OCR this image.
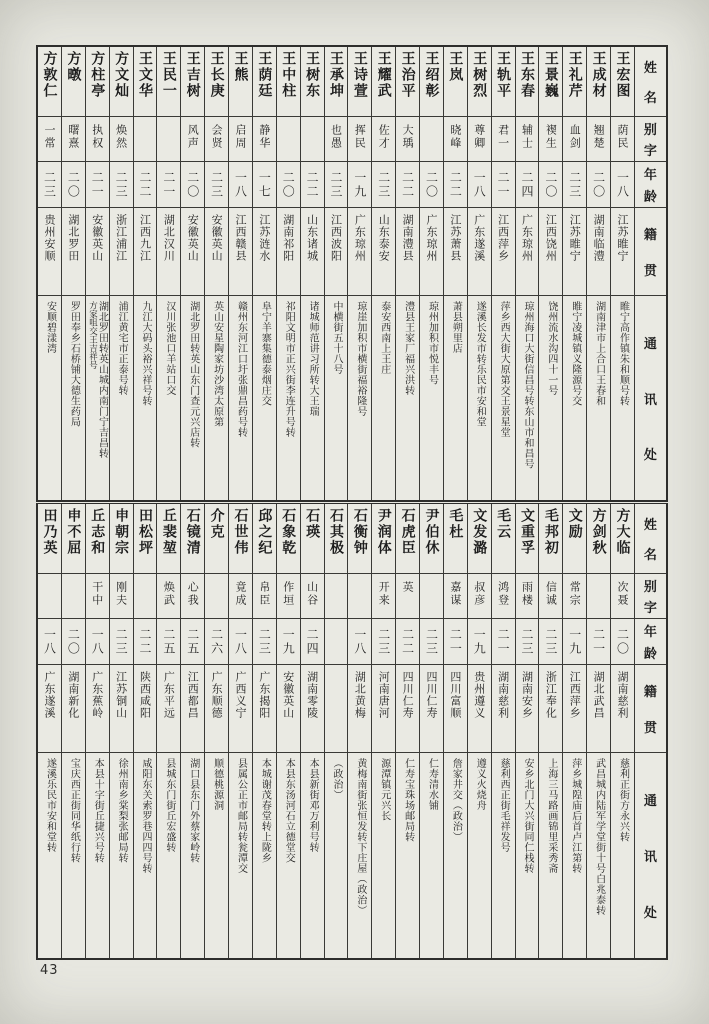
方敦仁
一常
二三
贵州安顺
安顺碧漾湾
方暾
曙熹
二〇
湖北罗田
罗田奉乡石桥铺大德生药局
方柱亭
执权
二一
安徽英山
湖北罗田转英山城内南门宁吉昌转
方家咀交王吉祥号
方文灿
焕然
二三
浙江浦江
浦江黄宅市正泰号转
王文华
二二
江西九江
九江大码头裕兴祥号转
王民一
二一
湖北汉川
汉川张池口羊站口交
王吉树
风声
二〇
安徽英山
湖北罗田转英山东门查元兴店转
王长庚
会贤
二三
安徽英山
英山安星陶家坊沙湾太原第
王熊
启周
一八
江西赣县
赣州东河江口圩张鼎昌药号转
王荫廷
静华
一七
江苏涟水
阜宁羊寨集德泰烟庄交
王中柱
二〇
湖南祁阳
祁阳文明市正兴街李连升号转
王树东
二二
山东诸城
诸城师范讲习所转大王瑞
王承坤
也愚
二三
江西波阳
中横街五十八号
王诗萱
挥民
一九
广东琼州
琼崖加积市横街福裕隆号
王耀武
佐才
二三
山东泰安
泰安西南上王庄
王治平
大瑀
二二
湖南澧县
澧县王家厂福兴洪转
王绍彰
二〇
广东琼州
琼州加积市悦丰号
王岚
晓峰
二二
江苏萧县
萧县朔里店
王树烈
尊卿
一八
广东遂溪
遂溪长发市转乐民市安和堂
王轨平
君一
二一
江西萍乡
萍乡西大街大原第交王景星堂
王东春
辅士
二四
广东琼州
琼州海口大街信昌号转东山市和昌号
王景巍
褉生
二〇
江西饶州
饶州流水沟四十一号
王礼芹
血剑
二三
江苏睢宁
睢宁凌城镇义隆源号交
王成材
翘楚
二〇
湖南临澧
湖南津市上合口王春和
王宏图
荫民
一八
江苏睢宁
睢宁高作镇朱和顺号转
姓
名
别
字
年
龄
籍
贯
通
讯
处
田乃英
一八
广东遂溪
遂溪乐民市安和堂转
申不屈
二〇
湖南新化
宝庆西正街同华纸行转
丘志和
干中
一八
广东蕉岭
本县十字街丘捷兴号转
申朝宗
刚夫
二三
江苏铜山
徐州南乡棠梨张邮局转
田松坪
二二
陕西咸阳
咸阳东关索罗巷四四号转
丘裴堃
焕武
二五
广东平远
县城东门街丘宏盛转
石镜清
心我
二五
江西都昌
湖口县东门外蔡家岭转
介克
二六
广东顺德
顺德桃源洞
石世伟
竟成
一八
广西义宁
县属公正市邮局转瓮潭交
邱之纪
帛臣
二三
广东揭阳
本城谢茂春堂转上陇乡
石象乾
作垣
一九
安徽英山
本县东汤河石立德堂交
石瑛
山谷
二四
湖南零陵
本县新街邓万利号转
石其极
（政治）
石衡钟
一八
湖北黄梅
黄梅南街张恒发转下庄屋（政治）
尹润体
开来
二三
河南唐河
源潭镇元兴长
石虎臣
英
二二
四川仁寿
仁寿宝珠场邮局转
尹伯休
二三
四川仁寿
仁寿清水铺
毛杜
嘉谋
二一
四川富顺
詹家井交（政治）
文发潞
叔彦
一九
贵州遵义
遵义火烧舟
毛云
鸿登
二一
湖南慈利
慈利西正街毛祥发号
文重孚
雨楼
二三
湖南安乡
安乡北门大兴街同仁栈转
毛邦初
信诚
二三
浙江奉化
上海三马路画锦里采秀斋
文励
常宗
一九
江西萍乡
萍乡城隍庙后首卢江第转
方剑秋
二一
湖北武昌
武昌城内陆军学堂街十号白兆泰转
方大临
次聂
二〇
湖南慈利
慈利正街方永兴转
姓
名
别
字
年
龄
籍
贯
通
讯
处
43
